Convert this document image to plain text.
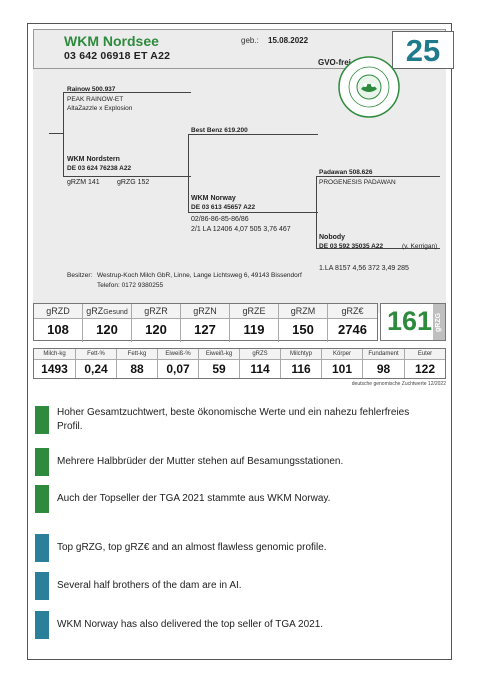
WKM Nordsee
03 642 06918 ET A22
geb.: 15.08.2022
GVO-frei	25
Rainow 500.937
PEAK RAINOW-ET
AltaZazzle x Explosion
Best Benz 619.200
WKM Nordstern
DE 03 624 76238 A22
gRZM 141 gRZG 152
Padawan 508.626
PROGENESIS PADAWAN
WKM Norway
DE 03 613 45657 A22
02/86-86-85-86/86
2/1 LA 12406 4,07 505 3,76 467
Nobody
DE 03 592 35035 A22	(v. Kerrigan)
1.LA 8157 4,56 372 3,49 285
Besitzer: Westrup-Koch Milch GbR, Linne, Lange Lichtsweg 6, 49143 Bissendorf
Telefon: 0172 9380255
gRZD
108
gRZGesund
120
gRZR
120
gRZN
127
gRZE
119
gRZM
150
gRZ€
2746 161 gRZG
Milch-kg
1493
Fett-%
0,24
Fett-kg
88
Eiweiß-%
0,07
Eiweiß-kg
59
gRZS
114
Milchtyp
116
Körper
101
Fundament
98
Euter
122
deutsche genomische Zuchtwerte 12/2022
Hoher Gesamtzuchtwert, beste ökonomische Werte und ein nahezu fehlerfreies Profil.
Mehrere Halbbrüder der Mutter stehen auf Besamungsstationen.
Auch der Topseller der TGA 2021 stammte aus WKM Norway.
Top gRZG, top gRZ€ and an almost flawless genomic profile.
Several half brothers of the dam are in AI.
WKM Norway has also delivered the top seller of TGA 2021.
